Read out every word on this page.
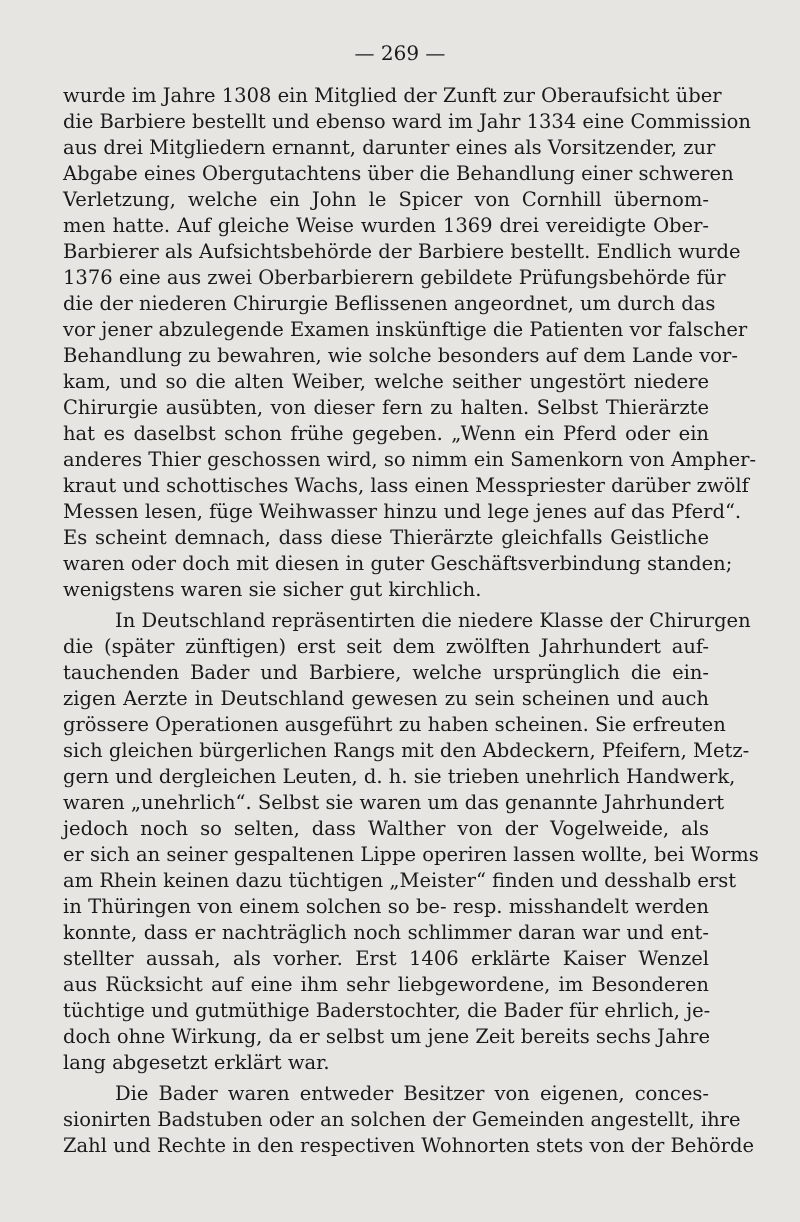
— 269 —
wurde im Jahre 1308 ein Mitglied der Zunft zur Oberaufsicht über
die Barbiere bestellt und ebenso ward im Jahr 1334 eine Commission
aus drei Mitgliedern ernannt, darunter eines als Vorsitzender, zur
Abgabe eines Obergutachtens über die Behandlung einer schweren
Verletzung, welche ein John le Spicer von Cornhill übernom-
men hatte. Auf gleiche Weise wurden 1369 drei vereidigte Ober-
Barbierer als Aufsichtsbehörde der Barbiere bestellt. Endlich wurde
1376 eine aus zwei Oberbarbierern gebildete Prüfungsbehörde für
die der niederen Chirurgie Beflissenen angeordnet, um durch das
vor jener abzulegende Examen inskünftige die Patienten vor falscher
Behandlung zu bewahren, wie solche besonders auf dem Lande vor-
kam, und so die alten Weiber, welche seither ungestört niedere
Chirurgie ausübten, von dieser fern zu halten. Selbst Thierärzte
hat es daselbst schon frühe gegeben. „Wenn ein Pferd oder ein
anderes Thier geschossen wird, so nimm ein Samenkorn von Ampher-
kraut und schottisches Wachs, lass einen Messpriester darüber zwölf
Messen lesen, füge Weihwasser hinzu und lege jenes auf das Pferd“.
Es scheint demnach, dass diese Thierärzte gleichfalls Geistliche
waren oder doch mit diesen in guter Geschäftsverbindung standen;
wenigstens waren sie sicher gut kirchlich.
In Deutschland repräsentirten die niedere Klasse der Chirurgen
die (später zünftigen) erst seit dem zwölften Jahrhundert auf-
tauchenden Bader und Barbiere, welche ursprünglich die ein-
zigen Aerzte in Deutschland gewesen zu sein scheinen und auch
grössere Operationen ausgeführt zu haben scheinen. Sie erfreuten
sich gleichen bürgerlichen Rangs mit den Abdeckern, Pfeifern, Metz-
gern und dergleichen Leuten, d. h. sie trieben unehrlich Handwerk,
waren „unehrlich“. Selbst sie waren um das genannte Jahrhundert
jedoch noch so selten, dass Walther von der Vogelweide, als
er sich an seiner gespaltenen Lippe operiren lassen wollte, bei Worms
am Rhein keinen dazu tüchtigen „Meister“ finden und desshalb erst
in Thüringen von einem solchen so be- resp. misshandelt werden
konnte, dass er nachträglich noch schlimmer daran war und ent-
stellter aussah, als vorher. Erst 1406 erklärte Kaiser Wenzel
aus Rücksicht auf eine ihm sehr liebgewordene, im Besonderen
tüchtige und gutmüthige Baderstochter, die Bader für ehrlich, je-
doch ohne Wirkung, da er selbst um jene Zeit bereits sechs Jahre
lang abgesetzt erklärt war.
Die Bader waren entweder Besitzer von eigenen, conces-
sionirten Badstuben oder an solchen der Gemeinden angestellt, ihre
Zahl und Rechte in den respectiven Wohnorten stets von der Behörde
